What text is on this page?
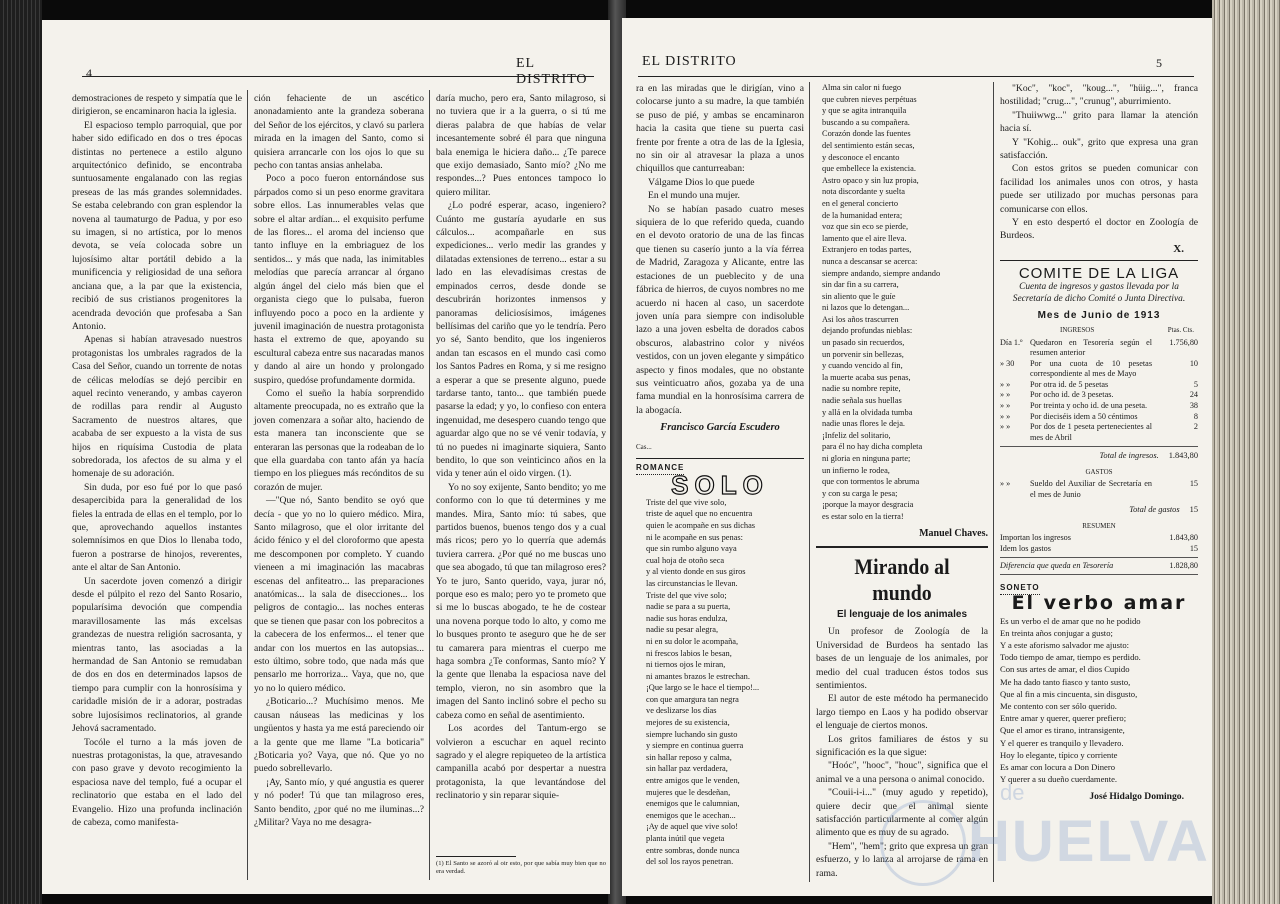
4
EL DISTRITO

demostraciones de respeto y simpatía que le dirigieron, se encaminaron hacia la iglesia.

El espacioso templo parroquial, que por haber sido edificado en dos o tres épocas distintas no pertenece a estilo alguno arquitectónico definido, se encontraba suntuosamente engalanado con las regias preseas de las más grandes solemnidades. Se estaba celebrando con gran esplendor la novena al taumaturgo de Padua, y por eso su imagen, si no artística, por lo menos devota, se veía colocada sobre un lujosísimo altar portátil debido a la munificencia y religiosidad de una señora anciana que, a la par que la existencia, recibió de sus cristianos progenitores la acendrada devoción que profesaba a San Antonio.

Apenas si habían atravesado nuestros protagonistas los umbrales ragrados de la Casa del Señor, cuando un torrente de notas de célicas melodías se dejó percibir en aquel recinto venerando, y ambas cayeron de rodillas para rendir al Augusto Sacramento de nuestros altares, que acababa de ser expuesto a la vista de sus hijos en riquísima Custodia de plata sobredorada, los afectos de su alma y el homenaje de su adoración.

Sin duda, por eso fué por lo que pasó desapercibida para la generalidad de los fieles la entrada de ellas en el templo, por lo que, aprovechando aquellos instantes solemnísimos en que Dios lo llenaba todo, fueron a postrarse de hinojos, reverentes, ante el altar de San Antonio.

Un sacerdote joven comenzó a dirigir desde el púlpito el rezo del Santo Rosario, popularísima devoción que compendia maravillosamente las más excelsas grandezas de nuestra religión sacrosanta, y mientras tanto, las asociadas a la hermandad de San Antonio se remudaban de dos en dos en determinados lapsos de tiempo para cumplir con la honrosísima y caridadle misión de ir a adorar, postradas sobre lujosísimos reclinatorios, al grande Jehová sacramentado.

Tocóle el turno a la más joven de nuestras protagonistas, la que, atravesando con paso grave y devoto recogimiento la espaciosa nave del templo, fué a ocupar el reclinatorio que estaba en el lado del Evangelio. Hizo una profunda inclinación de cabeza, como manifesta-

ción fehaciente de un ascético anonadamiento ante la grandeza soberana del Señor de los ejércitos, y clavó su parlera mirada en la imagen del Santo, como si quisiera arrancarle con los ojos lo que su pecho con tantas ansias anhelaba.

Poco a poco fueron entornándose sus párpados como si un peso enorme gravitara sobre ellos. Las innumerables velas que sobre el altar ardían... el exquisito perfume de las flores... el aroma del incienso que tanto influye en la embriaguez de los sentidos... y más que nada, las inimitables melodías que parecía arrancar al órgano algún ángel del cielo más bien que el organista ciego que lo pulsaba, fueron influyendo poco a poco en la ardiente y juvenil imaginación de nuestra protagonista hasta el extremo de que, apoyando su escultural cabeza entre sus nacaradas manos y dando al aire un hondo y prolongado suspiro, quedóse profundamente dormida.

Como el sueño la había sorprendido altamente preocupada, no es extraño que la joven comenzara a soñar alto, haciendo de esta manera tan inconsciente que se enteraran las personas que la rodeaban de lo que ella guardaba con tanto afán ya hacía tiempo en los pliegues más recónditos de su corazón de mujer.

—"Que nó, Santo bendito se oyó que decía - que yo no lo quiero médico. Mira, Santo milagroso, que el olor irritante del ácido fénico y el del cloroformo que apesta me descomponen por completo. Y cuando vieneen a mi imaginación las macabras escenas del anfiteatro... las preparaciones anatómicas... la sala de disecciones... los peligros de contagio... las noches enteras que se tienen que pasar con los pobrecitos a la cabecera de los enfermos... el tener que andar con los muertos en las autopsias... esto último, sobre todo, que nada más que pensarlo me horroriza... Vaya, que no, que yo no lo quiero médico.

¿Boticario...? Muchísimo menos. Me causan náuseas las medicinas y los ungüentos y hasta ya me está pareciendo oir a la gente que me llame "La boticaria" ¿Boticaria yo? Vaya, que nó. Que yo no puedo sobrellevarlo.

¡Ay, Santo mío, y qué angustia es querer y nó poder! Tú que tan milagroso eres, Santo bendito, ¿por qué no me iluminas...? ¿Militar? Vaya no me desagra-

daría mucho, pero era, Santo milagroso, si no tuviera que ir a la guerra, o si tú me dieras palabra de que habías de velar incesantemente sobré él para que ninguna bala enemiga le hiciera daño... ¿Te parece que exijo demasiado, Santo mío? ¿No me respondes...? Pues entonces tampoco lo quiero militar.

¿Lo podré esperar, acaso, ingeniero? Cuánto me gustaría ayudarle en sus cálculos... acompañarle en sus expediciones... verlo medir las grandes y dilatadas extensiones de terreno... estar a su lado en las elevadísimas crestas de empinados cerros, desde donde se descubrirán horizontes inmensos y panoramas deliciosísimos, imágenes bellísimas del cariño que yo le tendría. Pero yo sé, Santo bendito, que los ingenieros andan tan escasos en el mundo casi como los Santos Padres en Roma, y si me resigno a esperar a que se presente alguno, puede tardarse tanto, tanto... que también puede pasarse la edad; y yo, lo confieso con entera ingenuidad, me desespero cuando tengo que aguardar algo que no se vé venir todavía, y tú no puedes ni imaginarte siquiera, Santo bendito, lo que son veinticinco años en la vida y tener aún el oido virgen. (1).

Yo no soy exijente, Santo bendito; yo me conformo con lo que tú determines y me mandes. Mira, Santo mío: tú sabes, que partidos buenos, buenos tengo dos y a cual más ricos; pero yo lo querría que además tuviera carrera. ¿Por qué no me buscas uno que sea abogado, tú que tan milagroso eres? Yo te juro, Santo querido, vaya, jurar nó, porque eso es malo; pero yo te prometo que si me lo buscas abogado, te he de costear una novena porque todo lo alto, y como me lo busques pronto te aseguro que he de ser tu camarera para mientras el cuerpo me haga sombra ¿Te conformas, Santo mío? Y la gente que llenaba la espaciosa nave del templo, vieron, no sin asombro que la imagen del Santo inclinó sobre el pecho su cabeza como en señal de asentimiento.

Los acordes del Tantum-ergo se volvieron a escuchar en aquel recinto sagrado y el alegre repiqueteo de la artística campanilla acabó por despertar a nuestra protagonista, la que levantándose del reclinatorio y sin reparar siquie-

(1) El Santo se azoró al oir esto, por que sabía muy bien que no era verdad.
EL DISTRITO	5

ra en las miradas que le dirigían, vino a colocarse junto a su madre, la que también se puso de pié, y ambas se encaminaron hacia la casita que tiene su puerta casi frente por frente a otra de las de la Iglesia, no sin oir al atravesar la plaza a unos chiquillos que canturreaban:

Válgame Dios lo que puede

En el mundo una mujer.

No se habían pasado cuatro meses siquiera de lo que referido queda, cuando en el devoto oratorio de una de las fincas que tienen su caserío junto a la vía férrea de Madrid, Zaragoza y Alicante, entre las estaciones de un pueblecito y de una fábrica de hierros, de cuyos nombres no me acuerdo ni hacen al caso, un sacerdote joven unía para siempre con indisoluble lazo a una joven esbelta de dorados cabos obscuros, alabastrino color y nivéos vestidos, con un joven elegante y simpático aspecto y finos modales, que no obstante sus veinticuatro años, gozaba ya de una fama mundial en la honrosísima carrera de la abogacía.

Francisco García Escudero
Cas...
ROMANCE
SOLO
Triste del que vive solo,
triste de aquel que no encuentra
quien le acompañe en sus dichas
ni le acompañe en sus penas:
que sin rumbo alguno vaya
cual hoja de otoño seca
y al viento donde en sus giros
las circunstancias le llevan.
Triste del que vive solo;
nadie se para a su puerta,
nadie sus horas endulza,
nadie su pesar alegra,
ni en su dolor le acompaña,
ni frescos labios le besan,
ni tiernos ojos le miran,
ni amantes brazos le estrechan.
¡Que largo se le hace el tiempo!...
con que amargura tan negra
ve deslizarse los días
mejores de su existencia,
siempre luchando sin gusto
y siempre en continua guerra
sin hallar reposo y calma,
sin hallar paz verdadera,
entre amigos que le venden,
mujeres que le desdeñan,
enemigos que le calumnian,
enemigos que le acechan...
¡Ay de aquel que vive solo!
planta inútil que vegeta
entre sombras, donde nunca
del sol los rayos penetran.
Alma sin calor ni fuego
que cubren nieves perpétuas
y que se agita intranquila
buscando a su compañera.
Corazón donde las fuentes
del sentimiento están secas,
y desconoce el encanto
que embellece la existencia.
Astro opaco y sin luz propia,
nota discordante y suelta
en el general concierto
de la humanidad entera;
voz que sin eco se pierde,
lamento que el aire lleva.
Extranjero en todas partes,
nunca a descansar se acerca:
siempre andando, siempre andando
sin dar fin a su carrera,
sin aliento que le guíe
ni lazos que lo detengan...
Asi los años trascurren
dejando profundas nieblas:
un pasado sin recuerdos,
un porvenir sin bellezas,
y cuando vencido al fin,
la muerte acaba sus penas,
nadie su nombre repite,
nadie señala sus huellas
y allá en la olvidada tumba
nadie unas flores le deja.
¡Infeliz del solitario,
para él no hay dicha completa
ni gloria en ninguna parte;
un infierno le rodea,
que con tormentos le abruma
y con su carga le pesa;
¡porque la mayor desgracia
es estar solo en la tierra!
Manuel Chaves.
Mirando al mundo
El lenguaje de los animales

Un profesor de Zoología de la Universidad de Burdeos ha sentado las bases de un lenguaje de los animales, por medio del cual traducen éstos todos sus sentimientos.

El autor de este método ha permanecido largo tiempo en Laos y ha podido observar el lenguaje de ciertos monos.

Los gritos familiares de éstos y su significación es la que sigue:

"Hoóc", "hooc", "houc", significa que el animal ve a una persona o animal conocido.

"Couii-i-i..." (muy agudo y repetido), quiere decir que el animal siente satisfacción particularmente al comer algún alimento que es muy de su agrado.

"Hem", "hem"; grito que expresa un gran esfuerzo, y lo lanza al arrojarse de rama en rama.

"Koc", "koc", "koug...", "hüig...", franca hostilidad; "crug...", "crunug", aburrimiento.

"Thuiiwwg..." grito para llamar la atención hacia sí.

Y "Kohig... ouk", grito que expresa una gran satisfacción.

Con estos gritos se pueden comunicar con facilidad los animales unos con otros, y hasta puede ser utilizado por muchas personas para comunicarse con ellos.

Y en esto despertó el doctor en Zoología de Burdeos.

X.
COMITE DE LA LIGA
Cuenta de ingresos y gastos llevada por la Secretaría de dicho Comité o Junta Directiva.
Mes de Junio de 1913
INGRESOS	Ptas. Cts.
Día 1.º	Quedaron en Tesorería según el resumen anterior	1.756,80
» 30	Por una cuota de 10 pesetas correspondiente al mes de Mayo	10
» »	Por otra id. de 5 pesetas	5
» »	Por ocho id. de 3 pesetas.	24
» »	Por treinta y ocho id. de una peseta.	38
» »	Por dieciséis idem a 50 céntimos	8
» »	Por dos de 1 peseta pertenecientes al mes de Abril	2
Total de ingresos. 1.843,80
GASTOS
» »	Sueldo del Auxiliar de Secretaría en el mes de Junio	15
Total de gastos 15
RESUMEN
Importan los ingresos	1.843,80
Idem los gastos	15
Diferencia que queda en Tesorería	1.828,80
SONETO
El verbo amar
Es un verbo el de amar que no he podido
En treinta años conjugar a gusto;
Y a este aforismo salvador me ajusto:
Todo tiempo de amar, tiempo es perdido.
Con sus artes de amar, el dios Cupido
Me ha dado tanto fiasco y tanto susto,
Que al fin a mis cincuenta, sin disgusto,
Me contento con ser sólo querido.
Entre amar y querer, querer prefiero;
Que el amor es tirano, intransigente,
Y el querer es tranquilo y llevadero.
Hoy lo elegante, típico y corriente
Es amar con locura a Don Dinero
Y querer a su dueño cuerdamente.
José Hidalgo Domingo.
de
HUELVA
